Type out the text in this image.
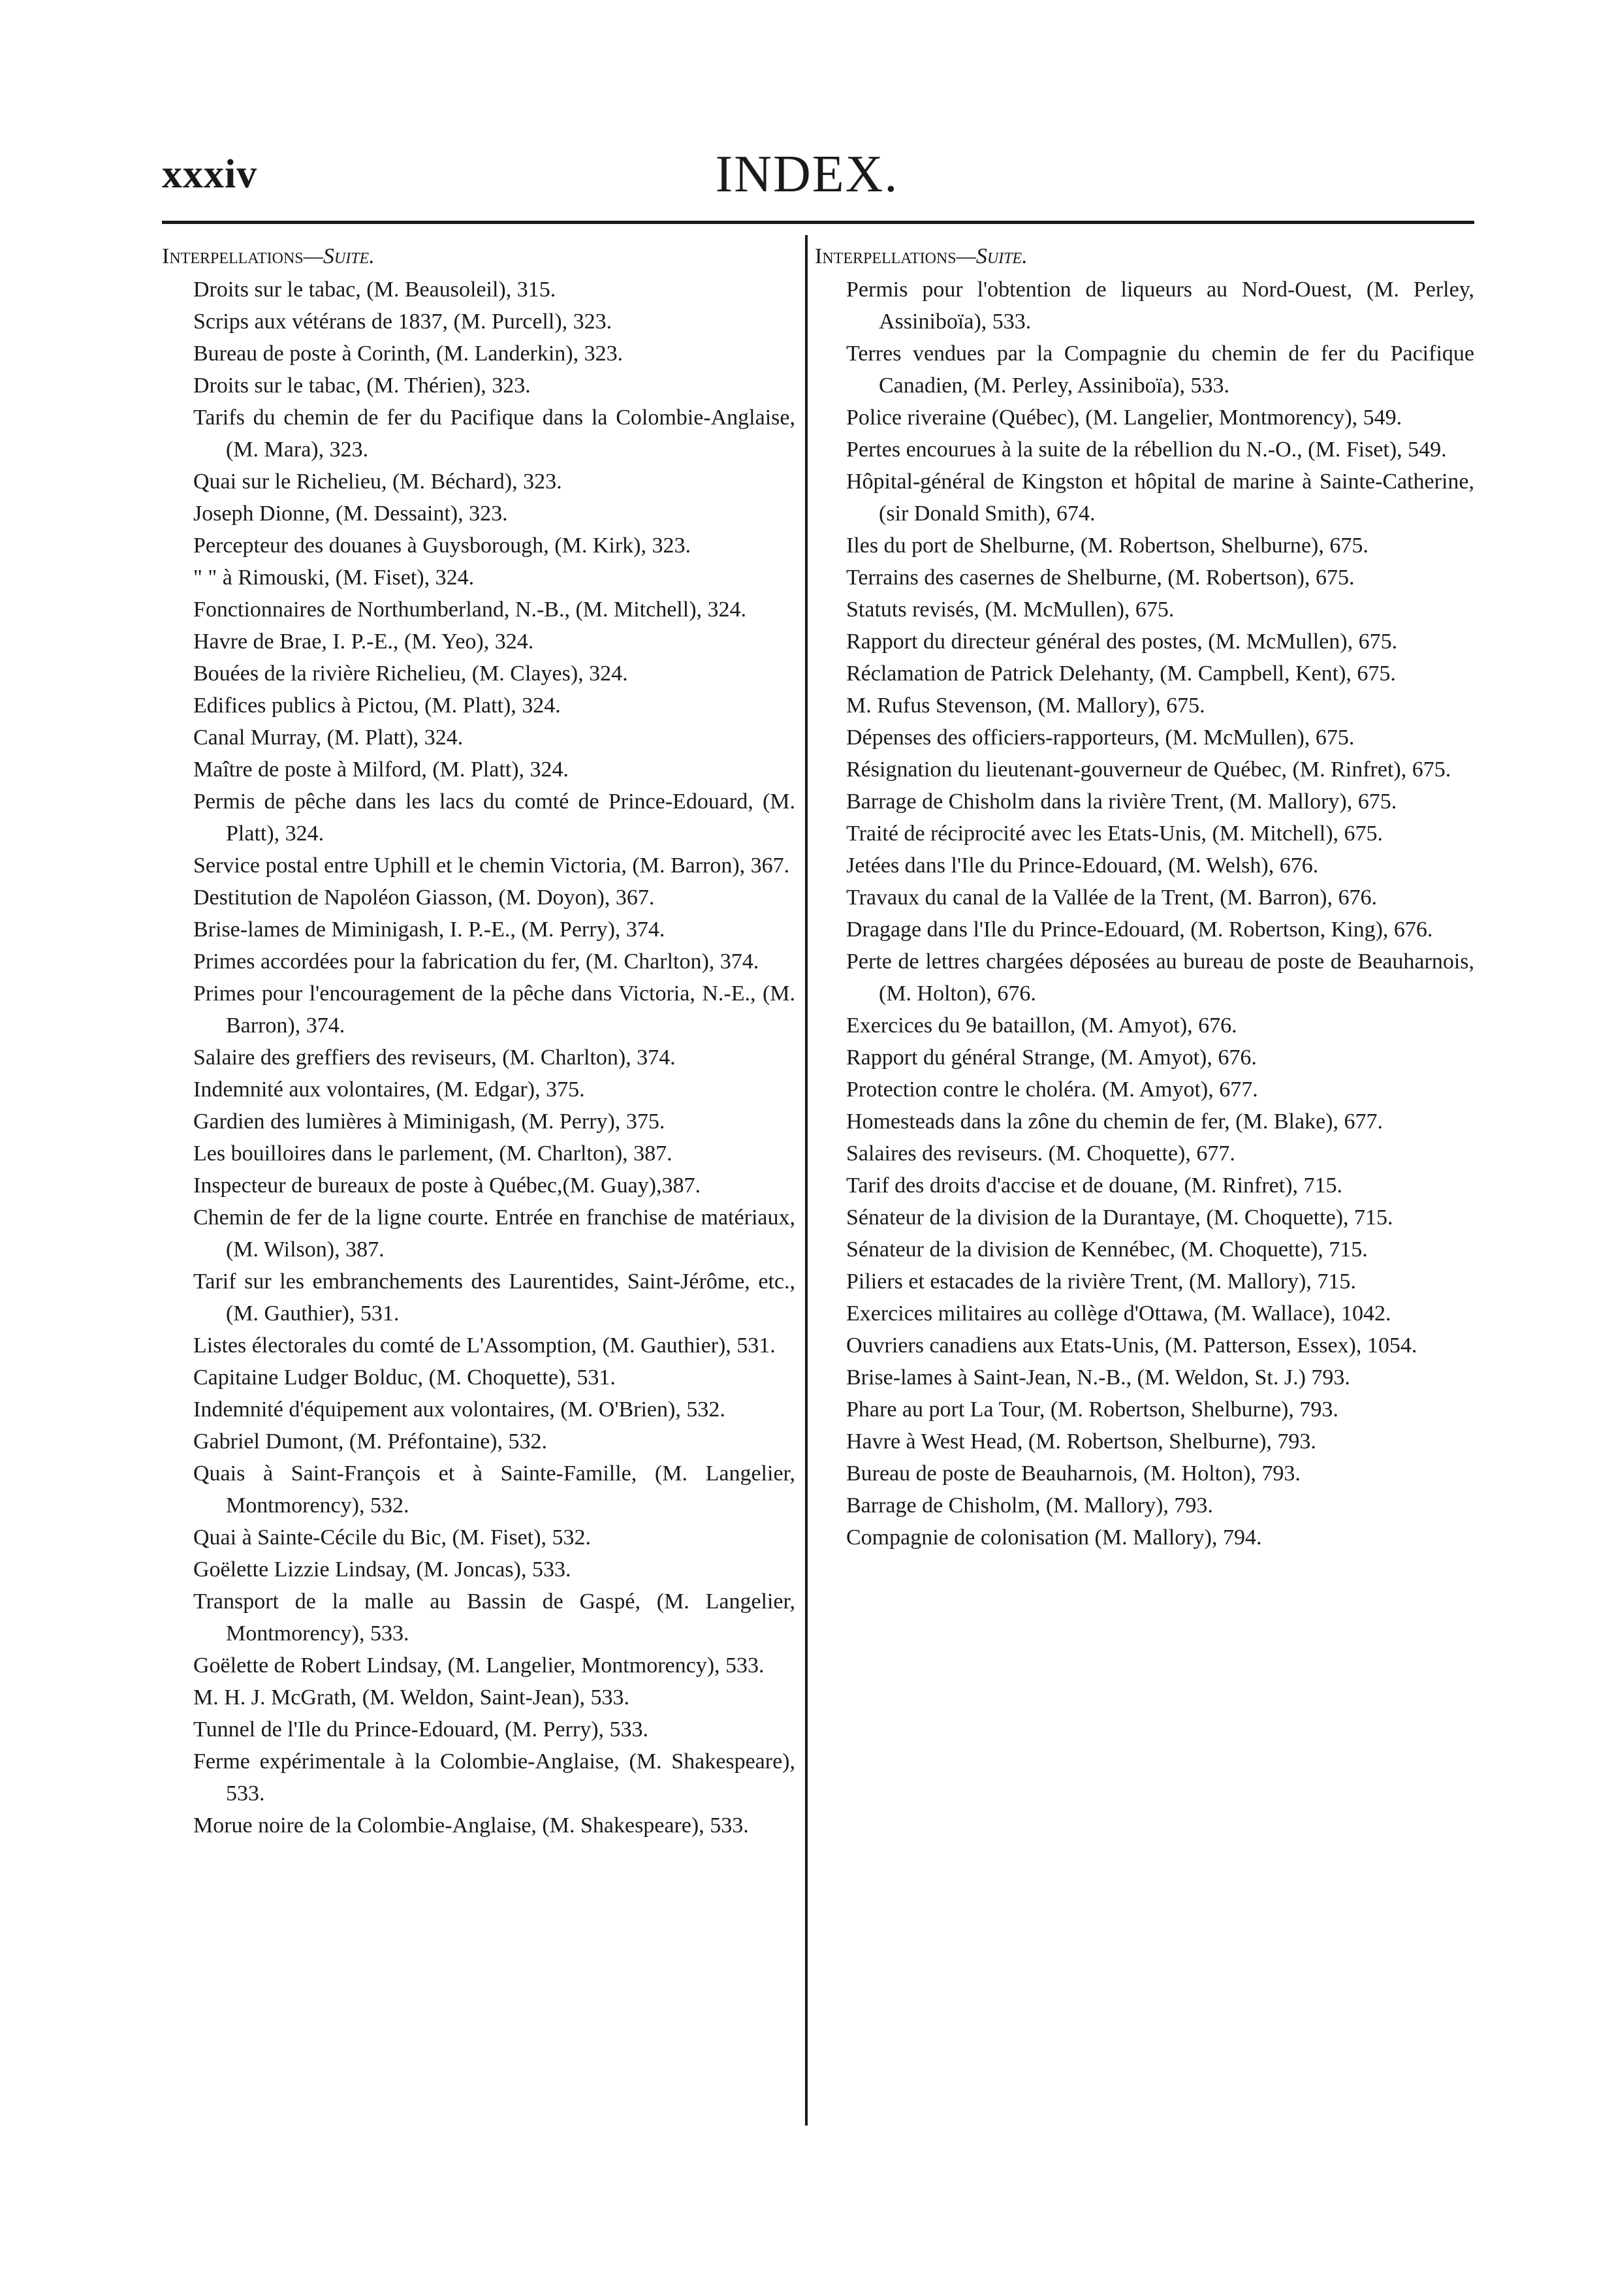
xxxiv	INDEX.
Interpellations—Suite.
Droits sur le tabac, (M. Beausoleil), 315.
Scrips aux vétérans de 1837, (M. Purcell), 323.
Bureau de poste à Corinth, (M. Landerkin), 323.
Droits sur le tabac, (M. Thérien), 323.
Tarifs du chemin de fer du Pacifique dans la Colombie-Anglaise, (M. Mara), 323.
Quai sur le Richelieu, (M. Béchard), 323.
Joseph Dionne, (M. Dessaint), 323.
Percepteur des douanes à Guysborough, (M. Kirk), 323.
" " à Rimouski, (M. Fiset), 324.
Fonctionnaires de Northumberland, N.-B., (M. Mitchell), 324.
Havre de Brae, I. P.-E., (M. Yeo), 324.
Bouées de la rivière Richelieu, (M. Clayes), 324.
Edifices publics à Pictou, (M. Platt), 324.
Canal Murray, (M. Platt), 324.
Maître de poste à Milford, (M. Platt), 324.
Permis de pêche dans les lacs du comté de Prince-Edouard, (M. Platt), 324.
Service postal entre Uphill et le chemin Victoria, (M. Barron), 367.
Destitution de Napoléon Giasson, (M. Doyon), 367.
Brise-lames de Miminigash, I. P.-E., (M. Perry), 374.
Primes accordées pour la fabrication du fer, (M. Charlton), 374.
Primes pour l'encouragement de la pêche dans Victoria, N.-E., (M. Barron), 374.
Salaire des greffiers des reviseurs, (M. Charlton), 374.
Indemnité aux volontaires, (M. Edgar), 375.
Gardien des lumières à Miminigash, (M. Perry), 375.
Les bouilloires dans le parlement, (M. Charlton), 387.
Inspecteur de bureaux de poste à Québec,(M. Guay),387.
Chemin de fer de la ligne courte. Entrée en franchise de matériaux, (M. Wilson), 387.
Tarif sur les embranchements des Laurentides, Saint-Jérôme, etc., (M. Gauthier), 531.
Listes électorales du comté de L'Assomption, (M. Gauthier), 531.
Capitaine Ludger Bolduc, (M. Choquette), 531.
Indemnité d'équipement aux volontaires, (M. O'Brien), 532.
Gabriel Dumont, (M. Préfontaine), 532.
Quais à Saint-François et à Sainte-Famille, (M. Langelier, Montmorency), 532.
Quai à Sainte-Cécile du Bic, (M. Fiset), 532.
Goëlette Lizzie Lindsay, (M. Joncas), 533.
Transport de la malle au Bassin de Gaspé, (M. Langelier, Montmorency), 533.
Goëlette de Robert Lindsay, (M. Langelier, Montmorency), 533.
M. H. J. McGrath, (M. Weldon, Saint-Jean), 533.
Tunnel de l'Ile du Prince-Edouard, (M. Perry), 533.
Ferme expérimentale à la Colombie-Anglaise, (M. Shakespeare), 533.
Morue noire de la Colombie-Anglaise, (M. Shakespeare), 533.
Interpellations—Suite.
Permis pour l'obtention de liqueurs au Nord-Ouest, (M. Perley, Assiniboïa), 533.
Terres vendues par la Compagnie du chemin de fer du Pacifique Canadien, (M. Perley, Assiniboïa), 533.
Police riveraine (Québec), (M. Langelier, Montmorency), 549.
Pertes encourues à la suite de la rébellion du N.-O., (M. Fiset), 549.
Hôpital-général de Kingston et hôpital de marine à Sainte-Catherine, (sir Donald Smith), 674.
Iles du port de Shelburne, (M. Robertson, Shelburne), 675.
Terrains des casernes de Shelburne, (M. Robertson), 675.
Statuts revisés, (M. McMullen), 675.
Rapport du directeur général des postes, (M. McMullen), 675.
Réclamation de Patrick Delehanty, (M. Campbell, Kent), 675.
M. Rufus Stevenson, (M. Mallory), 675.
Dépenses des officiers-rapporteurs, (M. McMullen), 675.
Résignation du lieutenant-gouverneur de Québec, (M. Rinfret), 675.
Barrage de Chisholm dans la rivière Trent, (M. Mallory), 675.
Traité de réciprocité avec les Etats-Unis, (M. Mitchell), 675.
Jetées dans l'Ile du Prince-Edouard, (M. Welsh), 676.
Travaux du canal de la Vallée de la Trent, (M. Barron), 676.
Dragage dans l'Ile du Prince-Edouard, (M. Robertson, King), 676.
Perte de lettres chargées déposées au bureau de poste de Beauharnois, (M. Holton), 676.
Exercices du 9e bataillon, (M. Amyot), 676.
Rapport du général Strange, (M. Amyot), 676.
Protection contre le choléra. (M. Amyot), 677.
Homesteads dans la zône du chemin de fer, (M. Blake), 677.
Salaires des reviseurs. (M. Choquette), 677.
Tarif des droits d'accise et de douane, (M. Rinfret), 715.
Sénateur de la division de la Durantaye, (M. Choquette), 715.
Sénateur de la division de Kennébec, (M. Choquette), 715.
Piliers et estacades de la rivière Trent, (M. Mallory), 715.
Exercices militaires au collège d'Ottawa, (M. Wallace), 1042.
Ouvriers canadiens aux Etats-Unis, (M. Patterson, Essex), 1054.
Brise-lames à Saint-Jean, N.-B., (M. Weldon, St. J.) 793.
Phare au port La Tour, (M. Robertson, Shelburne), 793.
Havre à West Head, (M. Robertson, Shelburne), 793.
Bureau de poste de Beauharnois, (M. Holton), 793.
Barrage de Chisholm, (M. Mallory), 793.
Compagnie de colonisation (M. Mallory), 794.
